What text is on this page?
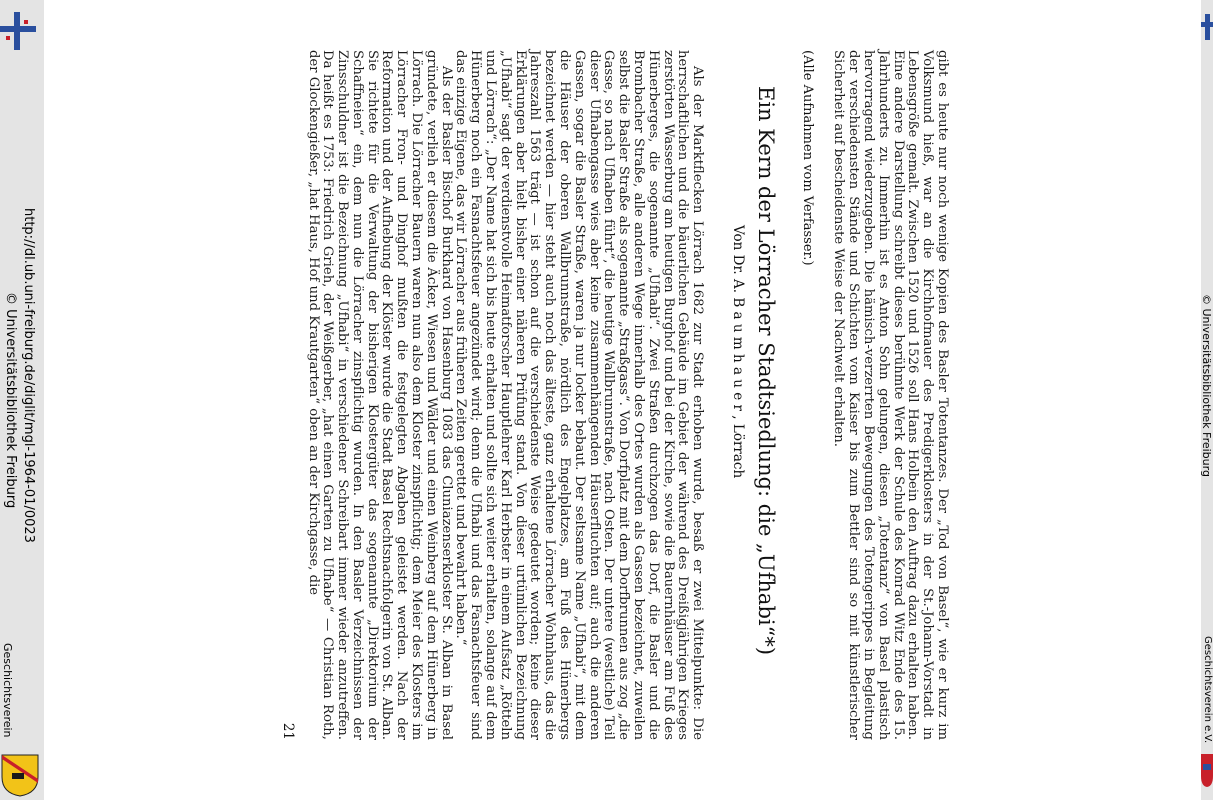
http://dl.ub.uni-freiburg.de/diglit/mgl-1964-01/0023
© Universitätsbibliothek Freiburg
Geschichtsverein	gibt es heute nur noch wenige Kopien des Basler Totentanzes. Der „Tod von Basel“, wie er kurz im Volksmund hieß, war an die Kirchhofmauer des Predigerklosters in der St.-Johann-Vorstadt in Lebensgröße gemalt. Zwischen 1520 und 1526 soll Hans Holbein den Auftrag dazu erhalten haben. Eine andere Darstellung schreibt dieses berühmte Werk der Schule des Konrad Witz Ende des 15. Jahrhunderts zu. Immerhin ist es Anton Sohn gelungen, diesen „Totentanz“ von Basel plastisch hervorragend wiederzugeben. Die hämisch-verzerrten Bewegungen des Totengerippes in Begleitung der verschiedensten Stände und Schichten vom Kaiser bis zum Bettler sind so mit künstlerischer Sicherheit auf bescheidenste Weise der Nachwelt erhalten.

(Alle Aufnahmen vom Verfasser.)
Ein Kern der Lörracher Stadtsiedlung: die „Ufhabi“*)
Von Dr. A. B a u m h a u e r , Lörrach

Als der Marktflecken Lörrach 1682 zur Stadt erhoben wurde, besaß er zwei Mittelpunkte: Die herrschaftlichen und die bäuerlichen Gebäude im Gebiet der während des Dreißigjährigen Krieges zerstörten Wasserburg am heutigen Burghof und bei der Kirche, sowie die Bauernhäuser am Fuß des Hünerberges, die sogenannte „Ufhabi“. Zwei Straßen durchzogen das Dorf, die Basler und die Brombacher Straße, alle anderen Wege innerhalb des Ortes wurden als Gassen bezeichnet, zuweilen selbst die Basler Straße als sogenannte „Straßgass“. Von Dorfplatz mit dem Dorfbrunnen aus zog „die Gasse, so nach Ufhaben führt“, die heutige Wallbrunnstraße, nach Osten. Der untere (westliche) Teil dieser Ufhabengasse wies aber keine zusammenhängenden Häuserfluchten auf; auch die anderen Gassen, sogar die Basler Straße, waren ja nur locker bebaut. Der seltsame Name „Ufhabi“, mit dem die Häuser der oberen Wallbrunnstraße, nördlich des Engelplatzes, am Fuß des Hünerbergs bezeichnet werden — hier steht auch noch das älteste, ganz erhaltene Lörracher Wohnhaus, das die Jahreszahl 1563 trägt — ist schon auf die verschiedenste Weise gedeutet worden; keine dieser Erklärungen aber hielt bisher einer näheren Prüfung stand. Von dieser urtümlichen Bezeichnung „Ufhabi“ sagt der verdienstvolle Heimatforscher Hauptlehrer Karl Herbster in einem Aufsatz „Rötteln und Lörrach“: „Der Name hat sich bis heute erhalten und sollte sich weiter erhalten, solange auf dem Hünerberg noch ein Fasnachtsfeuer angezündet wird; denn die Ufhabi und das Fasnachtsfeuer sind das einzige Eigene, das wir Lörracher aus früheren Zeiten gerettet und bewahrt haben.“

Als der Basler Bischof Burkhard von Hasenburg 1083 das Cluniazenserkloster St. Alban in Basel gründete, verlieh er diesem die Äcker, Wiesen und Wälder und einen Weinberg auf dem Hünerberg in Lörrach. Die Lörracher Bauern waren nun also dem Kloster zinspflichtig; dem Meier des Klosters im Lörracher Fron- und Dinghof mußten die festgelegten Abgaben geleistet werden. Nach der Reformation und der Aufhebung der Klöster wurde die Stadt Basel Rechtsnachfolgerin von St. Alban. Sie richtete für die Verwaltung der bisherigen Klostergüter das sogenannte „Direktorium der Schaffneien“ ein, dem nun die Lörracher zinspflichtig wurden. In den Basler Verzeichnissen der Zinsschuldner ist die Bezeichnung „Ufhabi“ in verschiedener Schreibart immer wieder anzutreffen. Da heißt es 1753: Friedrich Grieh, der Weißgerber, „hat einen Garten zu Ufhabe“ — Christian Roth, der Glockengießer, „hat Haus, Hof und Krautgarten“ oben an der Kirchgasse, die

21
© Universitätsbibliothek Freiburg
Geschichtsverein e.V.
